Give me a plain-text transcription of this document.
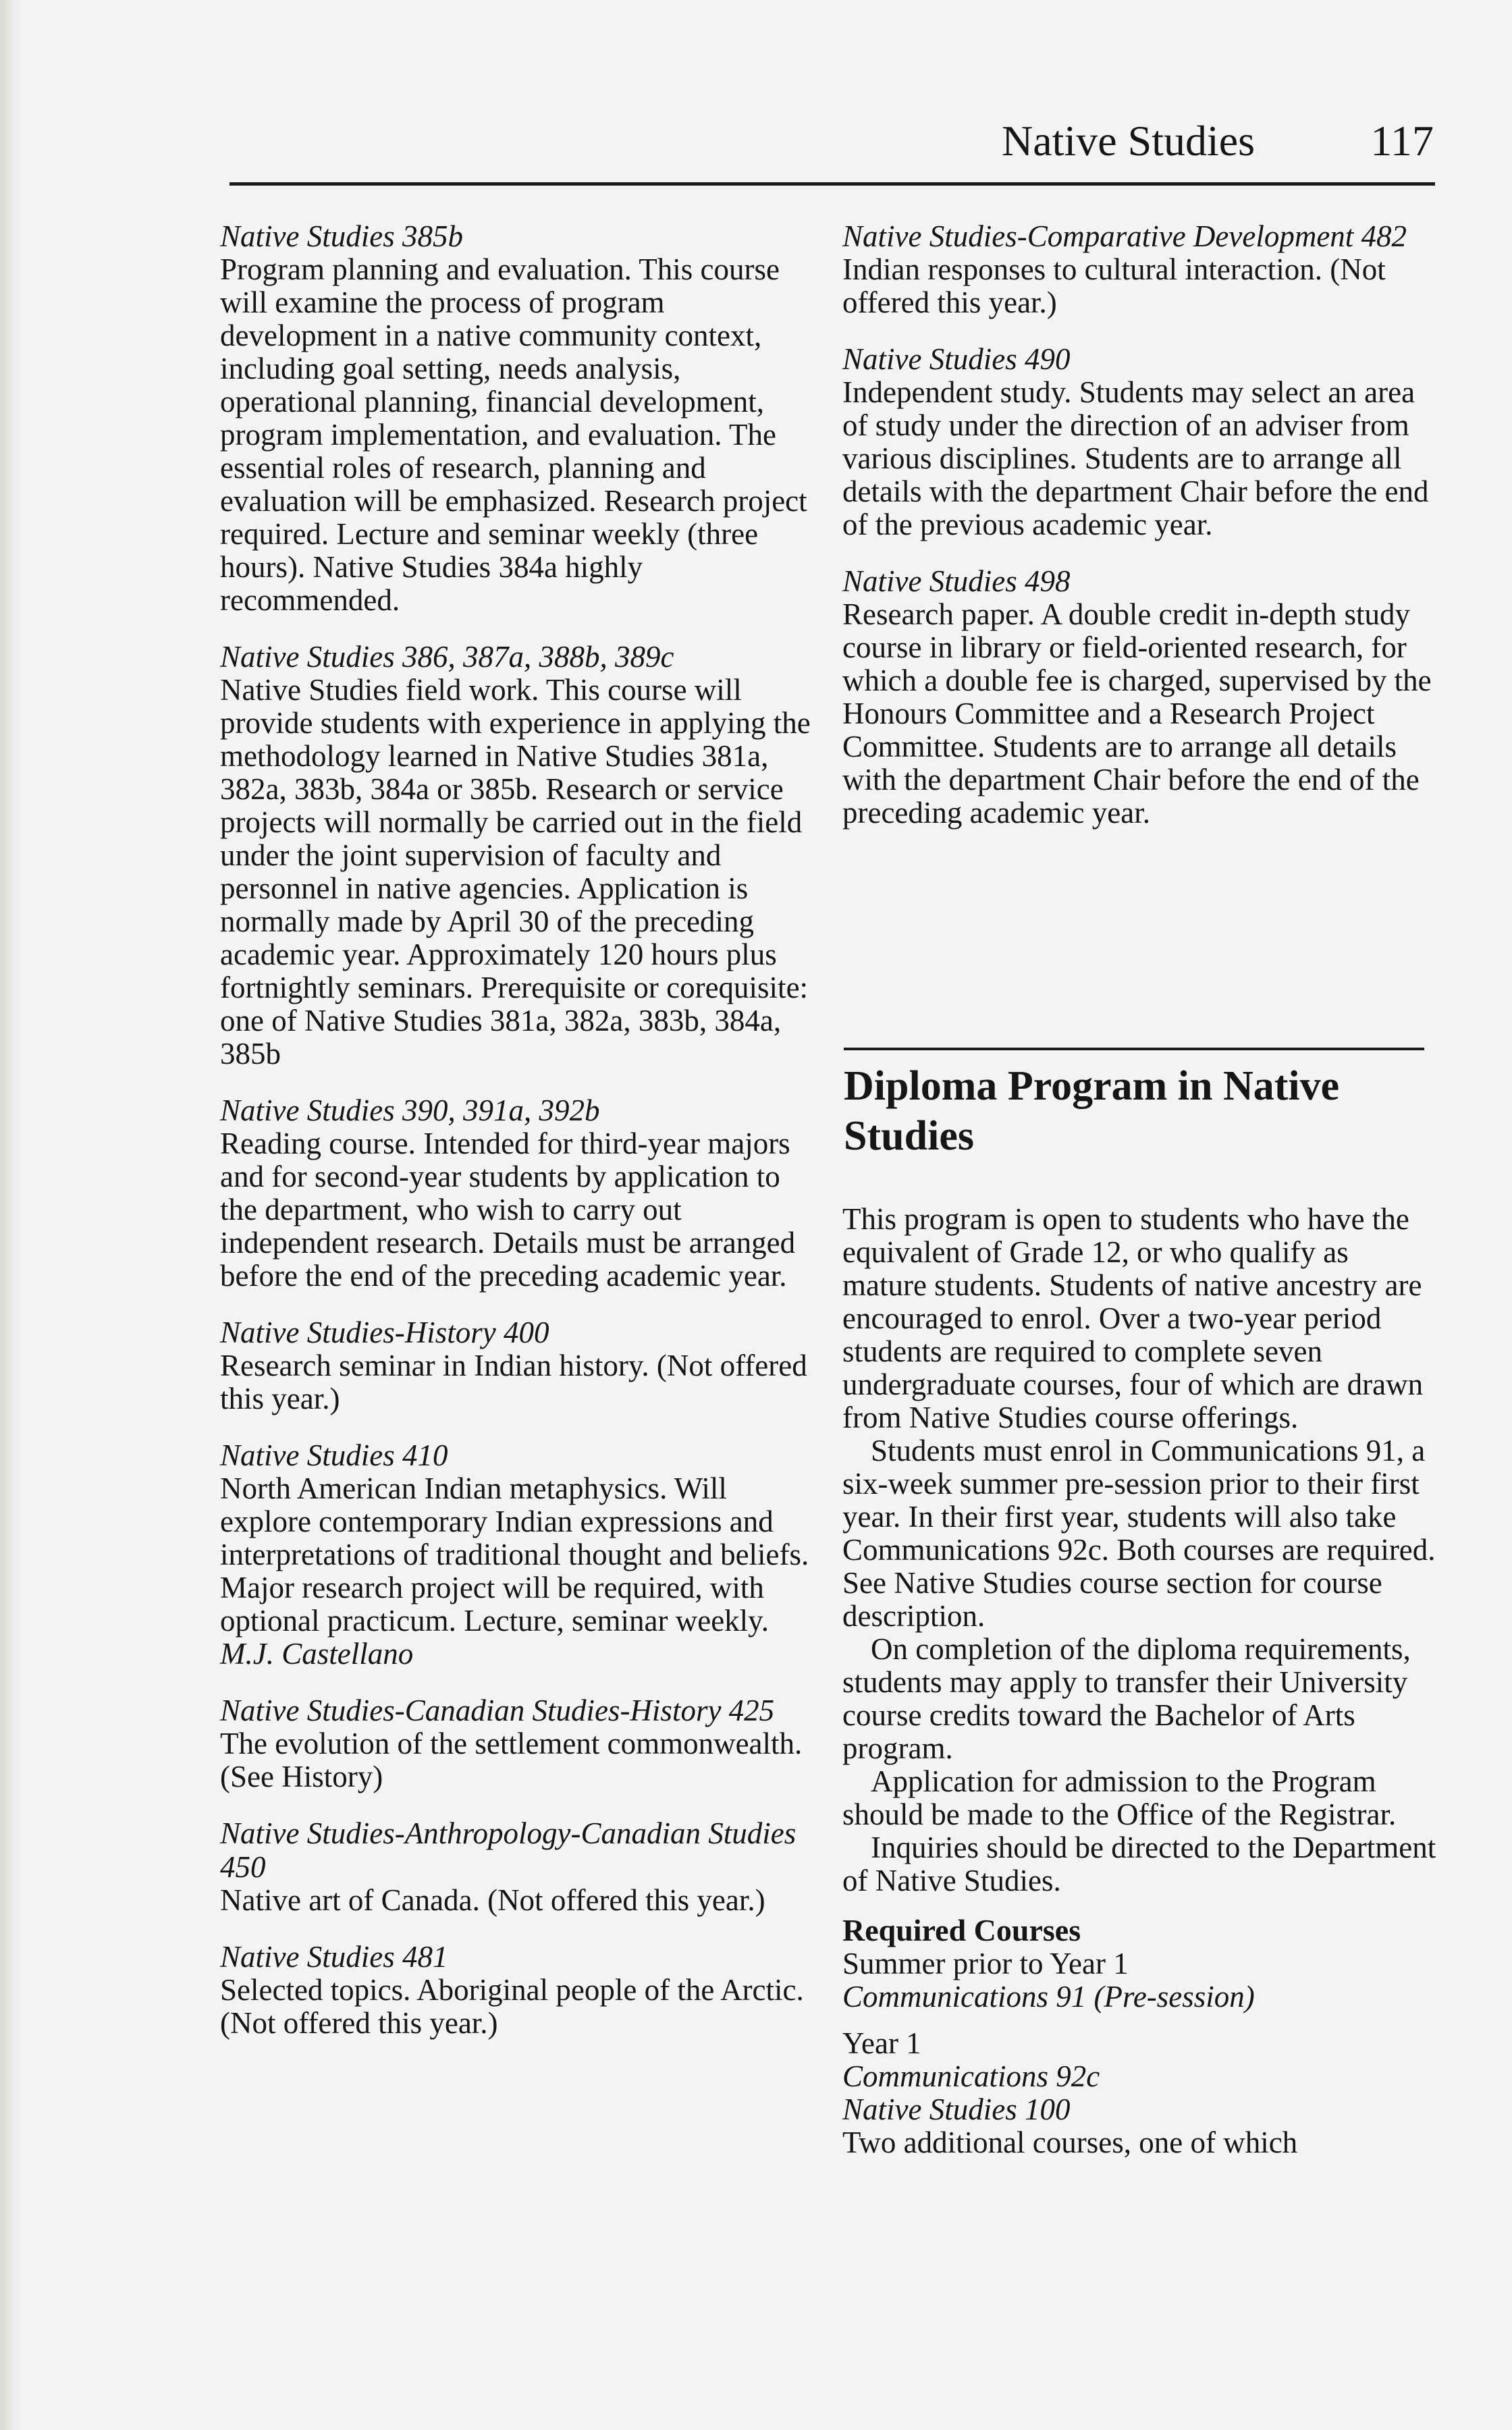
Native Studies	117
Native Studies 385b
Program planning and evaluation. This course will examine the process of program development in a native community context, including goal setting, needs analysis, operational planning, financial development, program implementation, and evaluation. The essential roles of research, planning and evaluation will be emphasized. Research project required. Lecture and seminar weekly (three hours). Native Studies 384a highly recommended.
Native Studies 386, 387a, 388b, 389c
Native Studies field work. This course will provide students with experience in applying the methodology learned in Native Studies 381a, 382a, 383b, 384a or 385b. Research or service projects will normally be carried out in the field under the joint supervision of faculty and personnel in native agencies. Application is normally made by April 30 of the preceding academic year. Approximately 120 hours plus fortnightly seminars. Prerequisite or corequisite: one of Native Studies 381a, 382a, 383b, 384a, 385b
Native Studies 390, 391a, 392b
Reading course. Intended for third-year majors and for second-year students by application to the department, who wish to carry out independent research. Details must be arranged before the end of the preceding academic year.
Native Studies-History 400
Research seminar in Indian history. (Not offered this year.)
Native Studies 410
North American Indian metaphysics. Will explore contemporary Indian expressions and interpretations of traditional thought and beliefs. Major research project will be required, with optional practicum. Lecture, seminar weekly.
M.J. Castellano
Native Studies-Canadian Studies-History 425
The evolution of the settlement commonwealth. (See History)
Native Studies-Anthropology-Canadian Studies 450
Native art of Canada. (Not offered this year.)
Native Studies 481
Selected topics. Aboriginal people of the Arctic. (Not offered this year.)
Native Studies-Comparative Development 482
Indian responses to cultural interaction. (Not offered this year.)
Native Studies 490
Independent study. Students may select an area of study under the direction of an adviser from various disciplines. Students are to arrange all details with the department Chair before the end of the previous academic year.
Native Studies 498
Research paper. A double credit in-depth study course in library or field-oriented research, for which a double fee is charged, supervised by the Honours Committee and a Research Project Committee. Students are to arrange all details with the department Chair before the end of the preceding academic year.
Diploma Program in Native Studies
This program is open to students who have the equivalent of Grade 12, or who qualify as mature students. Students of native ancestry are encouraged to enrol. Over a two-year period students are required to complete seven undergraduate courses, four of which are drawn from Native Studies course offerings.
Students must enrol in Communications 91, a six-week summer pre-session prior to their first year. In their first year, students will also take Communications 92c. Both courses are required. See Native Studies course section for course description.
On completion of the diploma requirements, students may apply to transfer their University course credits toward the Bachelor of Arts program.
Application for admission to the Program should be made to the Office of the Registrar.
Inquiries should be directed to the Department of Native Studies.
Required Courses
Summer prior to Year 1
Communications 91 (Pre-session)
Year 1
Communications 92c
Native Studies 100
Two additional courses, one of which
